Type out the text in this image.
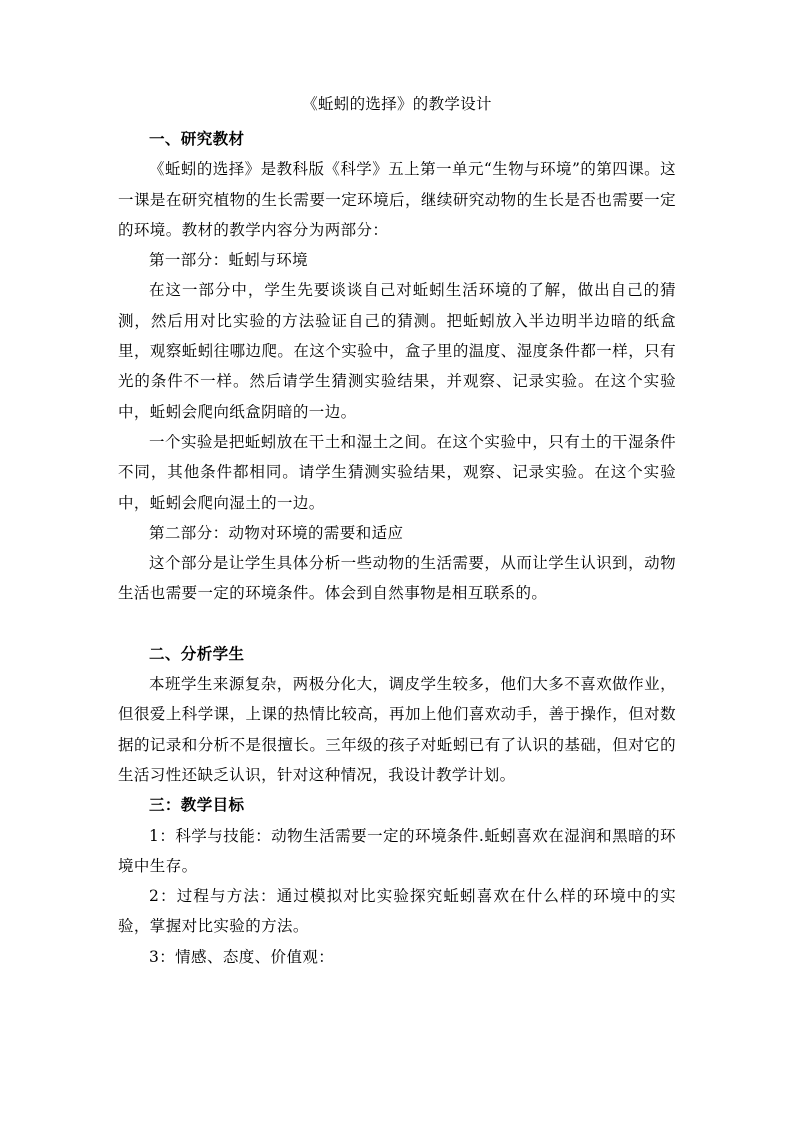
《蚯蚓的选择》的教学设计

一、研究教材

《蚯蚓的选择》是教科版《科学》五上第一单元“生物与环境”的第四课。这一课是在研究植物的生长需要一定环境后，继续研究动物的生长是否也需要一定的环境。教材的教学内容分为两部分：

第一部分：蚯蚓与环境

在这一部分中，学生先要谈谈自己对蚯蚓生活环境的了解，做出自己的猜测，然后用对比实验的方法验证自己的猜测。把蚯蚓放入半边明半边暗的纸盒里，观察蚯蚓往哪边爬。在这个实验中，盒子里的温度、湿度条件都一样，只有光的条件不一样。然后请学生猜测实验结果，并观察、记录实验。在这个实验中，蚯蚓会爬向纸盒阴暗的一边。

一个实验是把蚯蚓放在干土和湿土之间。在这个实验中，只有土的干湿条件不同，其他条件都相同。请学生猜测实验结果，观察、记录实验。在这个实验中，蚯蚓会爬向湿土的一边。

第二部分：动物对环境的需要和适应

这个部分是让学生具体分析一些动物的生活需要，从而让学生认识到，动物生活也需要一定的环境条件。体会到自然事物是相互联系的。

二、分析学生

本班学生来源复杂，两极分化大，调皮学生较多，他们大多不喜欢做作业，但很爱上科学课，上课的热情比较高，再加上他们喜欢动手，善于操作，但对数据的记录和分析不是很擅长。三年级的孩子对蚯蚓已有了认识的基础，但对它的生活习性还缺乏认识，针对这种情况，我设计教学计划。

三：教学目标

1：科学与技能：动物生活需要一定的环境条件.蚯蚓喜欢在湿润和黑暗的环境中生存。

2：过程与方法：通过模拟对比实验探究蚯蚓喜欢在什么样的环境中的实验，掌握对比实验的方法。

3：情感、态度、价值观：
